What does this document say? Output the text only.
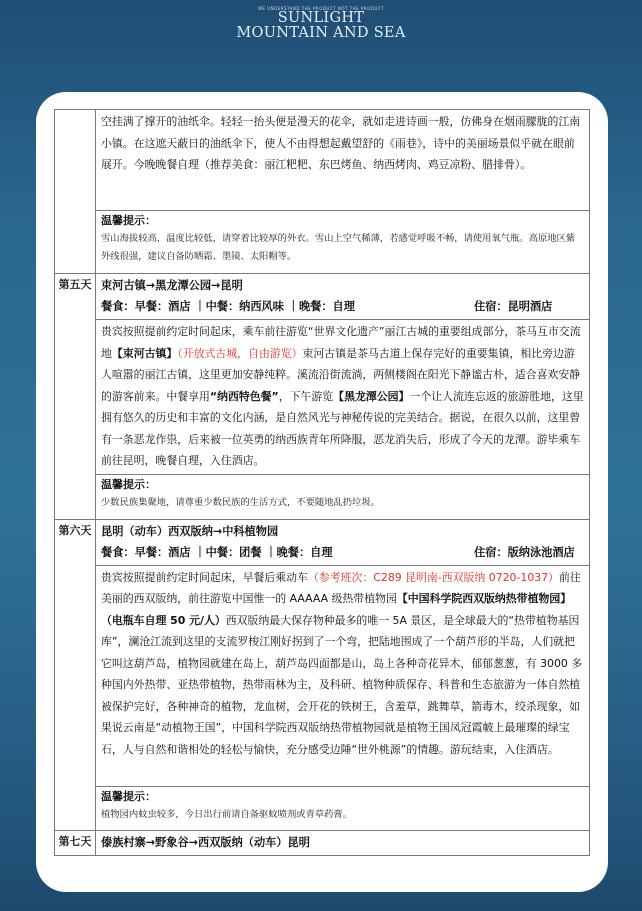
WE UNDERSTAND THE PRODUCT NOT THE PRODUCT
SUNLIGHT
MOUNTAIN AND SEA
	空挂满了撑开的油纸伞。轻轻一抬头便是漫天的花伞，就如走进诗画一般，仿佛身在烟雨朦胧的江南小镇。在这遮天蔽日的油纸伞下，使人不由得想起戴望舒的《雨巷》，诗中的美丽场景似乎就在眼前展开。今晚晚餐自理（推荐美食：丽江粑粑、东巴烤鱼、纳西烤肉、鸡豆凉粉、腊排骨）。

	温馨提示：
雪山海拔较高，温度比较低，请穿着比较厚的外衣。雪山上空气稀薄，若感觉呼吸不畅，请使用氧气瓶。高原地区紫外线很强，建议自备防晒霜、墨镜、太阳帽等。

第五天	束河古镇→黑龙潭公园→昆明
餐食：早餐：酒店 ｜中餐：纳西风味 ｜晚餐：自理 住宿：昆明酒店

	贵宾按照提前约定时间起床，乘车前往游览“世界文化遗产”丽江古城的重要组成部分，茶马互市交流地【束河古镇】（开放式古城，自由游览）束河古镇是茶马古道上保存完好的重要集镇，相比旁边游人喧嚣的丽江古镇，这里更加安静纯粹。溪流沿街流淌，两侧楼阁在阳光下静谧古朴，适合喜欢安静的游客前来。中餐享用“纳西特色餐”，下午游览【黑龙潭公园】一个让人流连忘返的旅游胜地，这里拥有悠久的历史和丰富的文化内涵，是自然风光与神秘传说的完美结合。据说，在很久以前，这里曾有一条恶龙作祟，后来被一位英勇的纳西族青年所降服，恶龙消失后，形成了今天的龙潭。游毕乘车前往昆明，晚餐自理，入住酒店。

	温馨提示：
少数民族集聚地，请尊重少数民族的生活方式，不要随地乱扔垃圾。

第六天	昆明（动车）西双版纳→中科植物园
餐食：早餐：酒店 ｜中餐：团餐 ｜晚餐：自理 住宿：版纳泳池酒店

	贵宾按照提前约定时间起床，早餐后乘动车（参考班次：C289 昆明南-西双版纳 0720-1037）前往美丽的西双版纳，前往游览中国惟一的 AAAAA 级热带植物园【中国科学院西双版纳热带植物园】（电瓶车自理 50 元/人）西双版纳最大保存物种最多的唯一 5A 景区，是全球最大的“热带植物基因库”，澜沧江流到这里的支流罗梭江刚好拐到了一个弯，把陆地围成了一个葫芦形的半岛，人们就把它叫这葫芦岛，植物园就建在岛上，葫芦岛四面都是山，岛上各种奇花异木，郁郁葱葱，有 3000 多种国内外热带、亚热带植物，热带雨林为主，及科研、植物种质保存、科普和生态旅游为一体自然植被保护完好，各种神奇的植物，龙血树，会开花的铁树王，含羞草，跳舞草，箭毒木，绞杀现象，如果说云南是“动植物王国”，中国科学院西双版纳热带植物园就是植物王国凤冠霞帔上最璀璨的绿宝石，人与自然和谐相处的轻松与愉快，充分感受边陲“世外桃源”的情趣。游玩结束，入住酒店。

	温馨提示：
植物园内蚊虫较多，今日出行前请自备驱蚊喷剂或青草药膏。

第七天	傣族村寨→野象谷→西双版纳（动车）昆明
